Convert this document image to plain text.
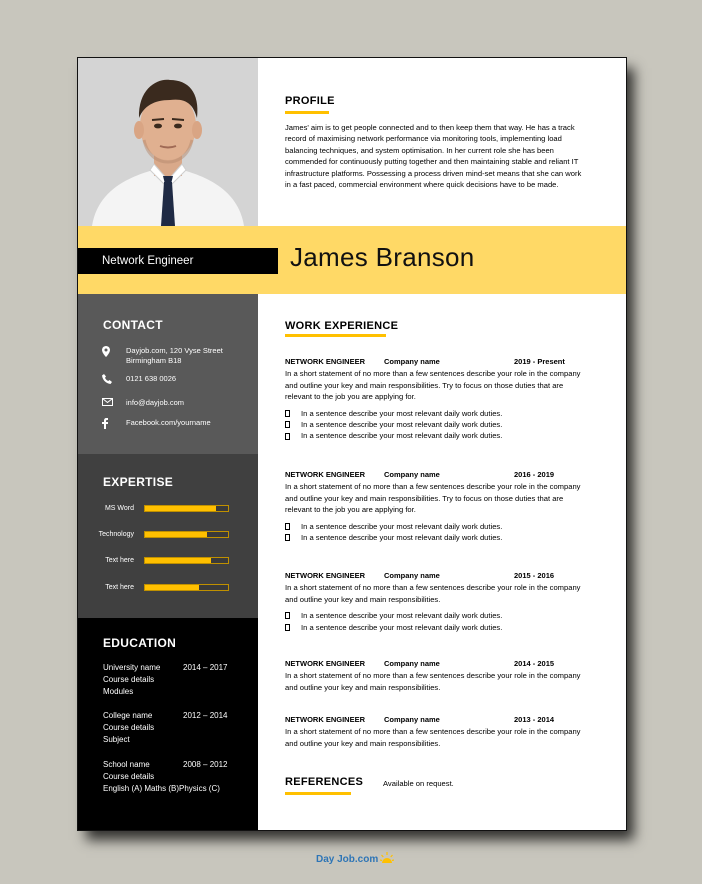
PROFILE
James' aim is to get people connected and to then keep them that way. He has a track record of maximising network performance via monitoring tools, implementing load balancing techniques, and system optimisation. In her current role she has been commended for continuously putting together and then maintaining stable and reliant IT infrastructure platforms. Possessing a process driven mind-set means that she can work in a fast paced, commercial environment where quick decisions have to be made.
Network Engineer	James Branson
CONTACT
Dayjob.com, 120 Vyse Street
Birmingham B18
0121 638 0026
info@dayjob.com
Facebook.com/yourname
EXPERTISE
MS Word
Technology
Text here
Text here
EDUCATION
University name	2014 – 2017
Course details
Modules
College name	2012 – 2014
Course details
Subject
School name	2008 – 2012
Course details
English (A) Maths (B)Physics (C)
WORK EXPERIENCE
NETWORK ENGINEER	Company name	2019 - Present
In a short statement of no more than a few sentences describe your role in the company and outline your key and main responsibilities. Try to focus on those duties that are relevant to the job you are applying for.
In a sentence describe your most relevant daily work duties.
In a sentence describe your most relevant daily work duties.
In a sentence describe your most relevant daily work duties.
NETWORK ENGINEER	Company name	2016 - 2019
In a short statement of no more than a few sentences describe your role in the company and outline your key and main responsibilities. Try to focus on those duties that are relevant to the job you are applying for.
In a sentence describe your most relevant daily work duties.
In a sentence describe your most relevant daily work duties.
NETWORK ENGINEER	Company name	2015 - 2016
In a short statement of no more than a few sentences describe your role in the company and outline your key and main responsibilities.
In a sentence describe your most relevant daily work duties.
In a sentence describe your most relevant daily work duties.
NETWORK ENGINEER	Company name	2014 - 2015
In a short statement of no more than a few sentences describe your role in the company and outline your key and main responsibilities.
NETWORK ENGINEER	Company name	2013 - 2014
In a short statement of no more than a few sentences describe your role in the company and outline your key and main responsibilities.
REFERENCES	Available on request.
Day Job.com
